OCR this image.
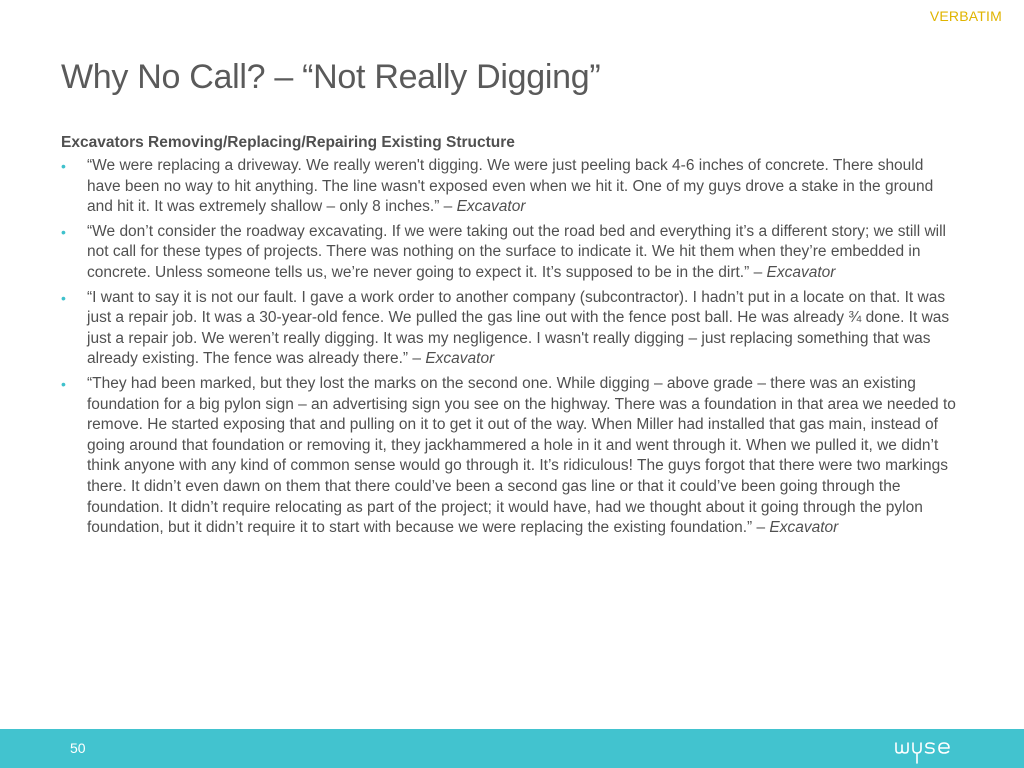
VERBATIM
Why No Call? – “Not Really Digging”
Excavators Removing/Replacing/Repairing Existing Structure
• “We were replacing a driveway. We really weren't digging. We were just peeling back 4-6 inches of concrete. There should have been no way to hit anything. The line wasn't exposed even when we hit it. One of my guys drove a stake in the ground and hit it. It was extremely shallow – only 8 inches.” – Excavator
• “We don’t consider the roadway excavating. If we were taking out the road bed and everything it’s a different story; we still will not call for these types of projects. There was nothing on the surface to indicate it. We hit them when they’re embedded in concrete. Unless someone tells us, we’re never going to expect it. It’s supposed to be in the dirt.” – Excavator
• “I want to say it is not our fault. I gave a work order to another company (subcontractor). I hadn’t put in a locate on that. It was just a repair job. It was a 30-year-old fence. We pulled the gas line out with the fence post ball. He was already ¾ done. It was just a repair job. We weren’t really digging. It was my negligence. I wasn't really digging – just replacing something that was already existing. The fence was already there.” – Excavator
• “They had been marked, but they lost the marks on the second one. While digging – above grade – there was an existing foundation for a big pylon sign – an advertising sign you see on the highway. There was a foundation in that area we needed to remove. He started exposing that and pulling on it to get it out of the way. When Miller had installed that gas main, instead of going around that foundation or removing it, they jackhammered a hole in it and went through it. When we pulled it, we didn’t think anyone with any kind of common sense would go through it. It’s ridiculous! The guys forgot that there were two markings there. It didn’t even dawn on them that there could’ve been a second gas line or that it could’ve been going through the foundation. It didn’t require relocating as part of the project; it would have, had we thought about it going through the pylon foundation, but it didn’t require it to start with because we were replacing the existing foundation.” – Excavator
50
